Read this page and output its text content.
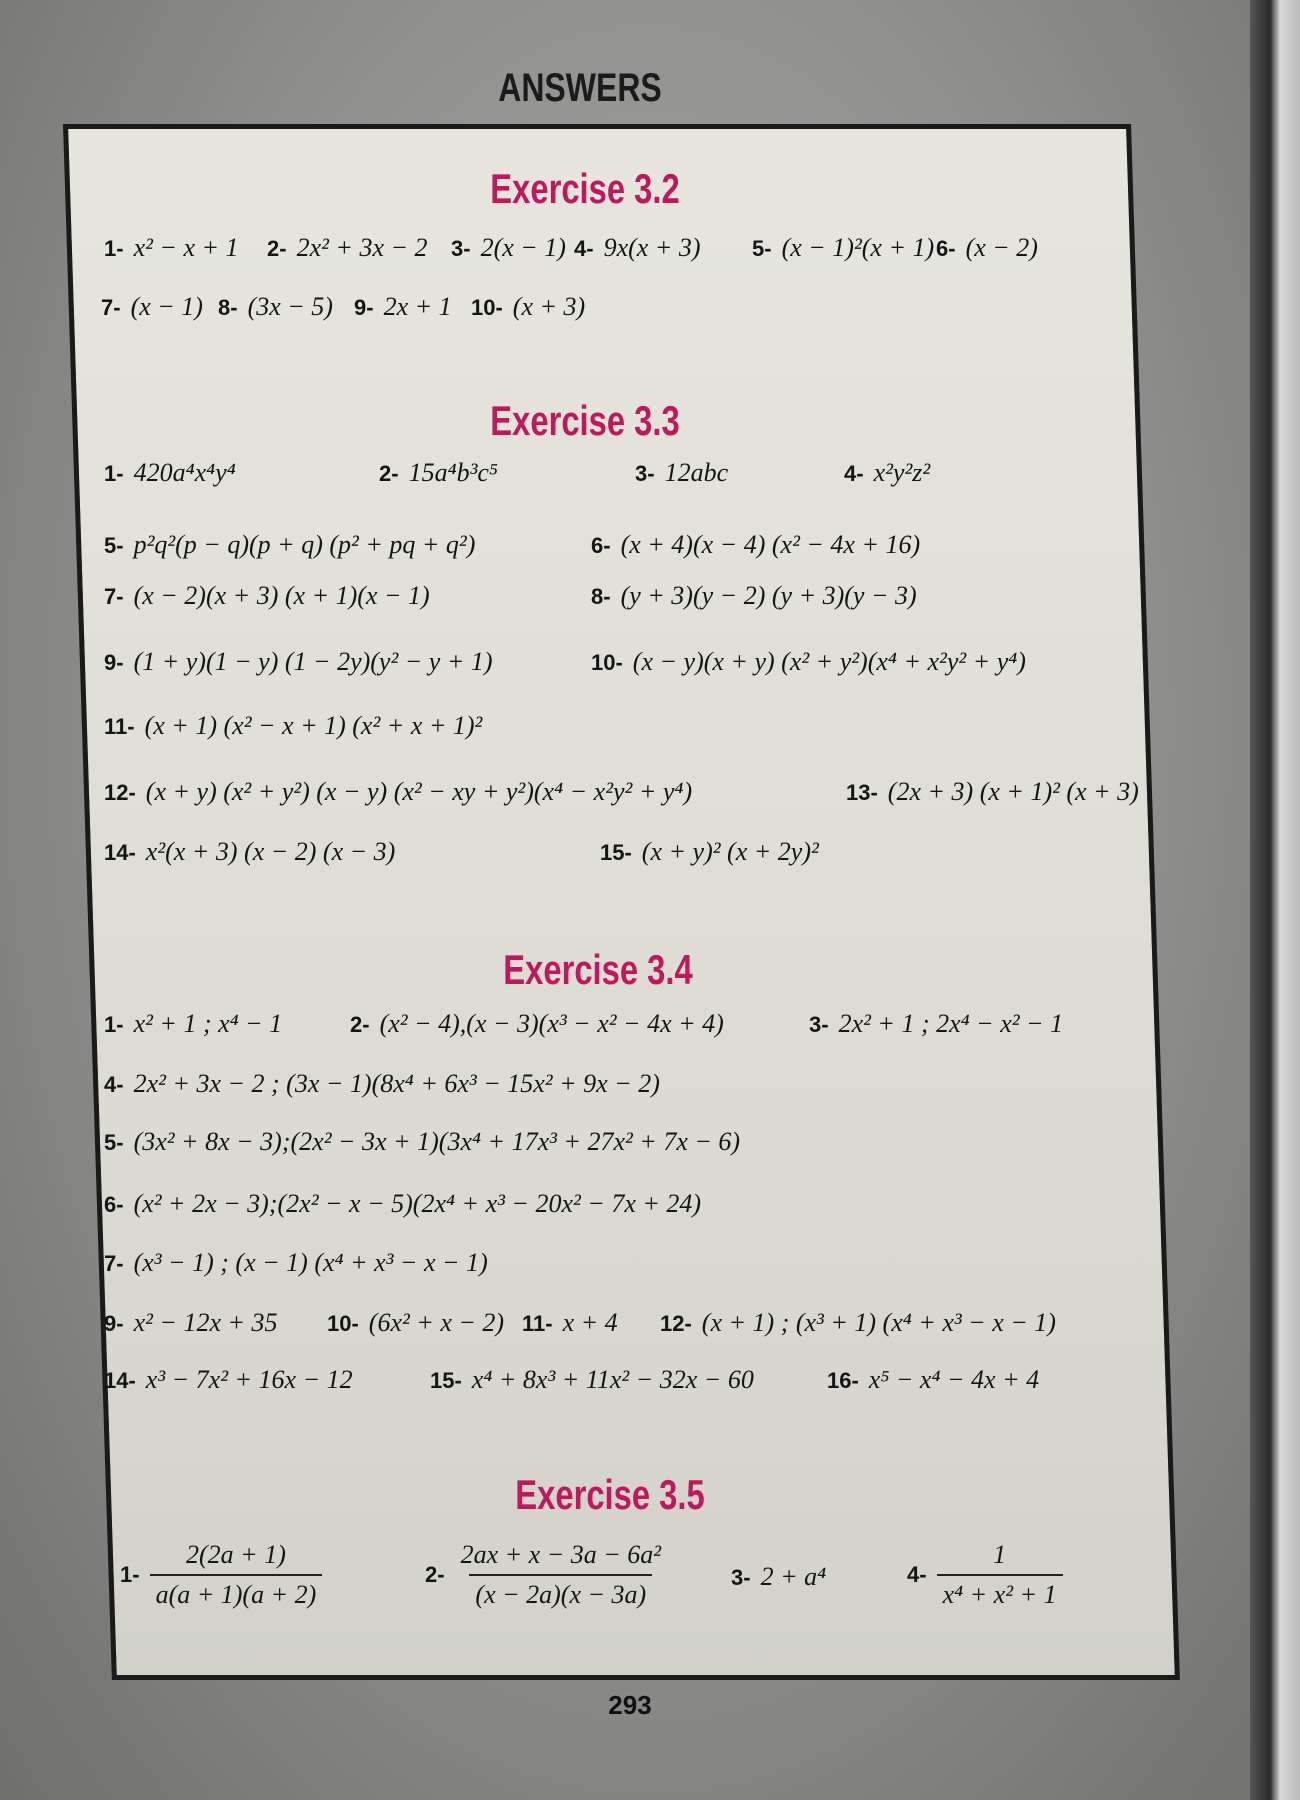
ANSWERS
Exercise 3.2
1- x² − x + 1 2- 2x² + 3x − 2 3- 2(x − 1) 4- 9x(x + 3) 5- (x − 1)²(x + 1) 6- (x − 2)
7- (x − 1) 8- (3x − 5) 9- 2x + 1 10- (x + 3)
Exercise 3.3
1- 420a⁴x⁴y⁴	2- 15a⁴b³c⁵	3- 12abc	4- x²y²z²
5- p²q²(p − q)(p + q) (p² + pq + q²)	6- (x + 4)(x − 4) (x² − 4x + 16)
7- (x − 2)(x + 3) (x + 1)(x − 1)	8- (y + 3)(y − 2) (y + 3)(y − 3)
9- (1 + y)(1 − y) (1 − 2y)(y² − y + 1)	10- (x − y)(x + y) (x² + y²)(x⁴ + x²y² + y⁴)
11- (x + 1) (x² − x + 1) (x² + x + 1)²
12- (x + y) (x² + y²) (x − y) (x² − xy + y²)(x⁴ − x²y² + y⁴)	13- (2x + 3) (x + 1)² (x + 3)
14- x²(x + 3) (x − 2) (x − 3)	15- (x + y)² (x + 2y)²
Exercise 3.4
1- x² + 1 ; x⁴ − 1	2- (x² − 4),(x − 3)(x³ − x² − 4x + 4)	3- 2x² + 1 ; 2x⁴ − x² − 1
4- 2x² + 3x − 2 ; (3x − 1)(8x⁴ + 6x³ − 15x² + 9x − 2)
5- (3x² + 8x − 3);(2x² − 3x + 1)(3x⁴ + 17x³ + 27x² + 7x − 6)
6- (x² + 2x − 3);(2x² − x − 5)(2x⁴ + x³ − 20x² − 7x + 24)
7- (x³ − 1) ; (x − 1) (x⁴ + x³ − x − 1)
9- x² − 12x + 35 10- (6x² + x − 2) 11- x + 4 12- (x + 1) ; (x³ + 1) (x⁴ + x³ − x − 1)
14- x³ − 7x² + 16x − 12	15- x⁴ + 8x³ + 11x² − 32x − 60	16- x⁵ − x⁴ − 4x + 4
Exercise 3.5
$1- \frac{2(2a + 1)}{a(a + 1)(a + 2)}$	$2- \frac{\text{2ax + x − 3a − 6a²}}{(x - 2a)(x - 3a)}$	3- 2 + a⁴	$4- \frac{1}{\text{x⁴ + x² + 1}}$
293
